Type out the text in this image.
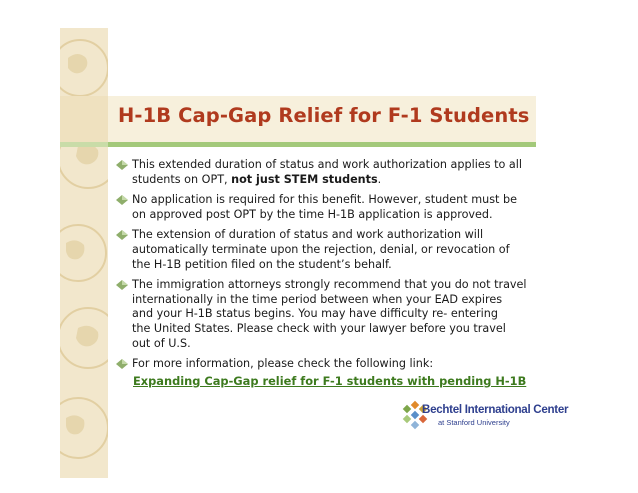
H-1B Cap-Gap Relief for F-1 Students
This extended duration of status and work authorization applies to all
students on OPT, not just STEM students.
No application is required for this benefit. However, student must be
on approved post OPT by the time H-1B application is approved.
The extension of duration of status and work authorization will
automatically terminate upon the rejection, denial, or revocation of
the H-1B petition filed on the student’s behalf.
The immigration attorneys strongly recommend that you do not travel
internationally in the time period between when your EAD expires
and your H-1B status begins. You may have difficulty re- entering
the United States. Please check with your lawyer before you travel
out of U.S.
For more information, please check the following link:
Expanding Cap-Gap relief for F-1 students with pending H-1B
Bechtel International Center
at Stanford University
